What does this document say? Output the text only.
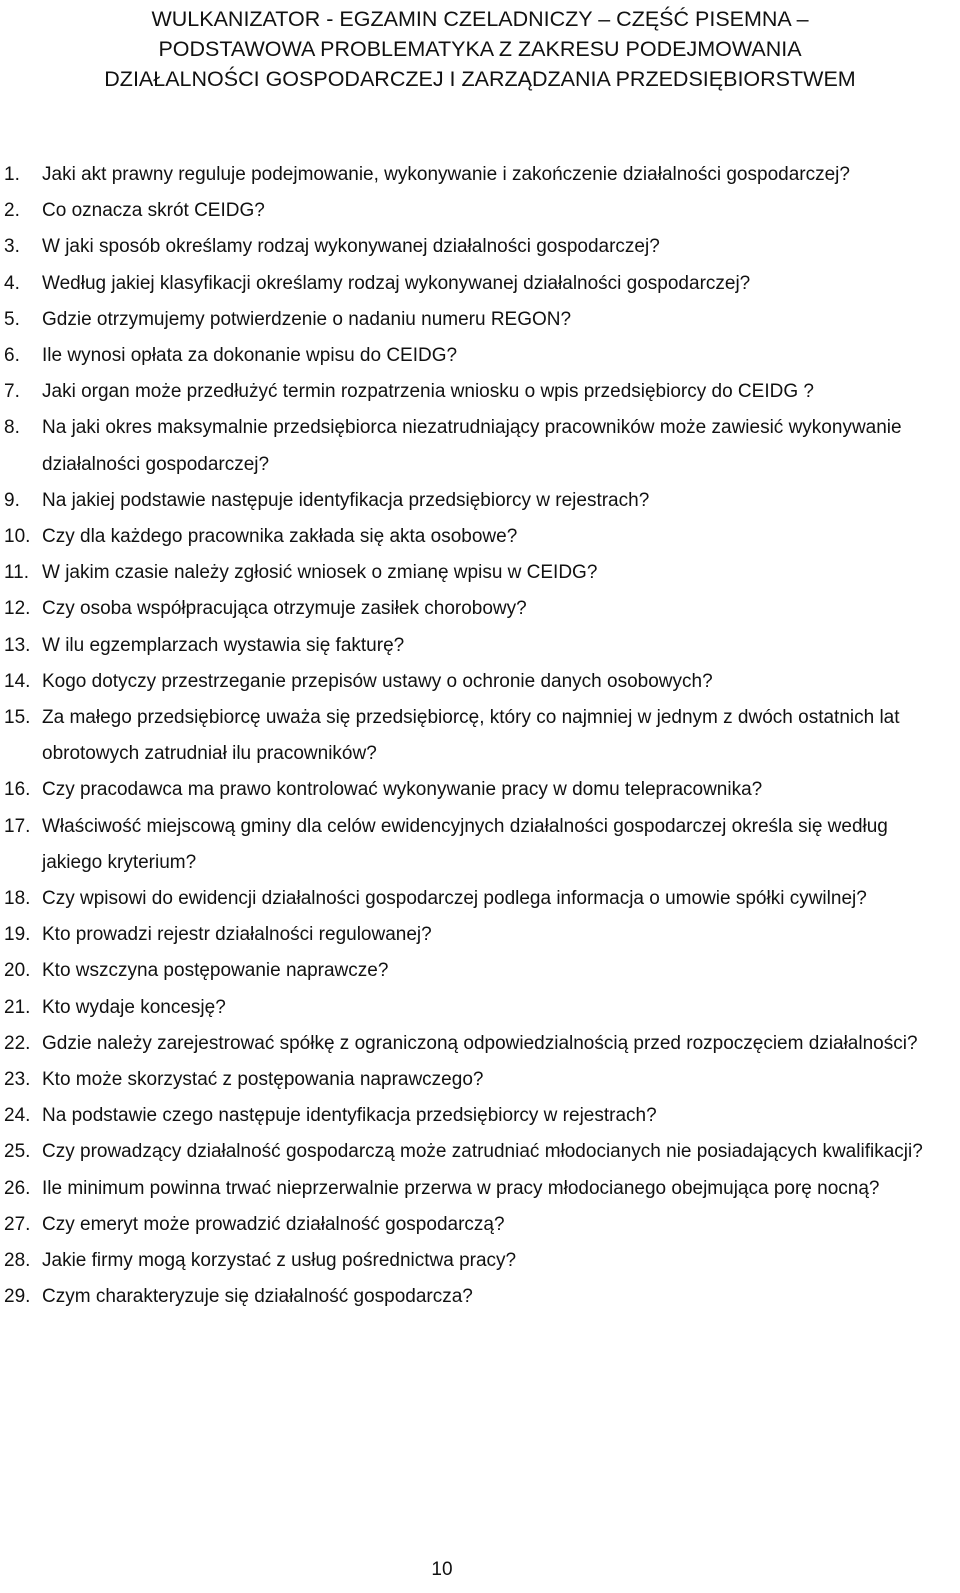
WULKANIZATOR - EGZAMIN CZELADNICZY – CZĘŚĆ PISEMNA –
PODSTAWOWA PROBLEMATYKA Z ZAKRESU PODEJMOWANIA
DZIAŁALNOŚCI GOSPODARCZEJ I ZARZĄDZANIA PRZEDSIĘBIORSTWEM
1. Jaki akt prawny reguluje podejmowanie, wykonywanie i zakończenie działalności gospodarczej?
2. Co oznacza skrót CEIDG?
3. W jaki sposób określamy rodzaj wykonywanej działalności gospodarczej?
4. Według jakiej klasyfikacji określamy rodzaj wykonywanej działalności gospodarczej?
5. Gdzie otrzymujemy potwierdzenie o nadaniu numeru REGON?
6. Ile wynosi opłata za dokonanie wpisu do CEIDG?
7. Jaki organ może przedłużyć termin rozpatrzenia wniosku o wpis przedsiębiorcy do CEIDG ?
8. Na jaki okres maksymalnie przedsiębiorca niezatrudniający pracowników może zawiesić wykonywanie działalności gospodarczej?
9. Na jakiej podstawie następuje identyfikacja przedsiębiorcy w rejestrach?
10. Czy dla każdego pracownika zakłada się akta osobowe?
11. W jakim czasie należy zgłosić wniosek o zmianę wpisu w CEIDG?
12. Czy osoba współpracująca otrzymuje zasiłek chorobowy?
13. W ilu egzemplarzach wystawia się fakturę?
14. Kogo dotyczy przestrzeganie przepisów ustawy o ochronie danych osobowych?
15. Za małego przedsiębiorcę uważa się przedsiębiorcę, który co najmniej w jednym z dwóch ostatnich lat obrotowych zatrudniał ilu pracowników?
16. Czy pracodawca ma prawo kontrolować wykonywanie pracy w domu telepracownika?
17. Właściwość miejscową gminy dla celów ewidencyjnych działalności gospodarczej określa się według jakiego kryterium?
18. Czy wpisowi do ewidencji działalności gospodarczej podlega informacja o umowie spółki cywilnej?
19. Kto prowadzi rejestr działalności regulowanej?
20. Kto wszczyna postępowanie naprawcze?
21. Kto wydaje koncesję?
22. Gdzie należy zarejestrować spółkę z ograniczoną odpowiedzialnością przed rozpoczęciem działalności?
23. Kto może skorzystać z postępowania naprawczego?
24. Na podstawie czego następuje identyfikacja przedsiębiorcy w rejestrach?
25. Czy prowadzący działalność gospodarczą może zatrudniać młodocianych nie posiadających kwalifikacji?
26. Ile minimum powinna trwać nieprzerwalnie przerwa w pracy młodocianego obejmująca porę nocną?
27. Czy emeryt może prowadzić działalność gospodarczą?
28. Jakie firmy mogą korzystać z usług pośrednictwa pracy?
29. Czym charakteryzuje się działalność gospodarcza?
10
